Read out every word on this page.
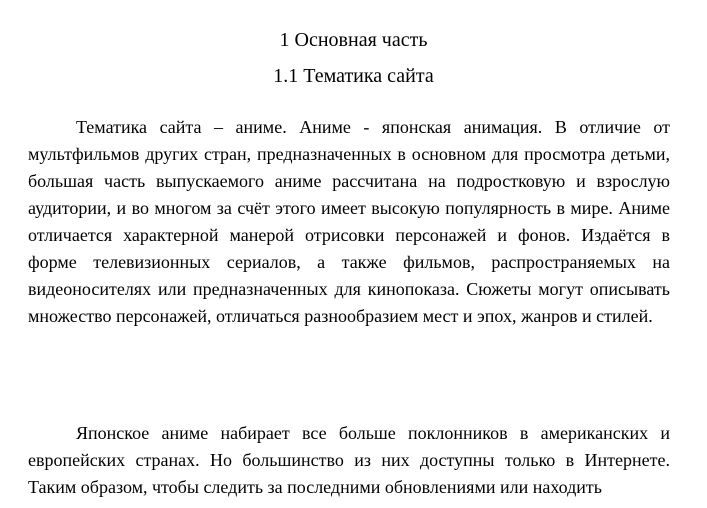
1 Основная часть
1.1 Тематика сайта

Тематика сайта – аниме. Аниме - японская анимация. В отличие от мультфильмов других стран, предназначенных в основном для просмотра детьми, большая часть выпускаемого аниме рассчитана на подростковую и взрослую аудитории, и во многом за счёт этого имеет высокую популярность в мире. Аниме отличается характерной манерой отрисовки персонажей и фонов. Издаётся в форме телевизионных сериалов, а также фильмов, распространяемых на видеоносителях или предназначенных для кинопоказа. Сюжеты могут описывать множество персонажей, отличаться разнообразием мест и эпох, жанров и стилей.

Японское аниме набирает все больше поклонников в американских и европейских странах. Но большинство из них доступны только в Интернете. Таким образом, чтобы следить за последними обновлениями или находить
